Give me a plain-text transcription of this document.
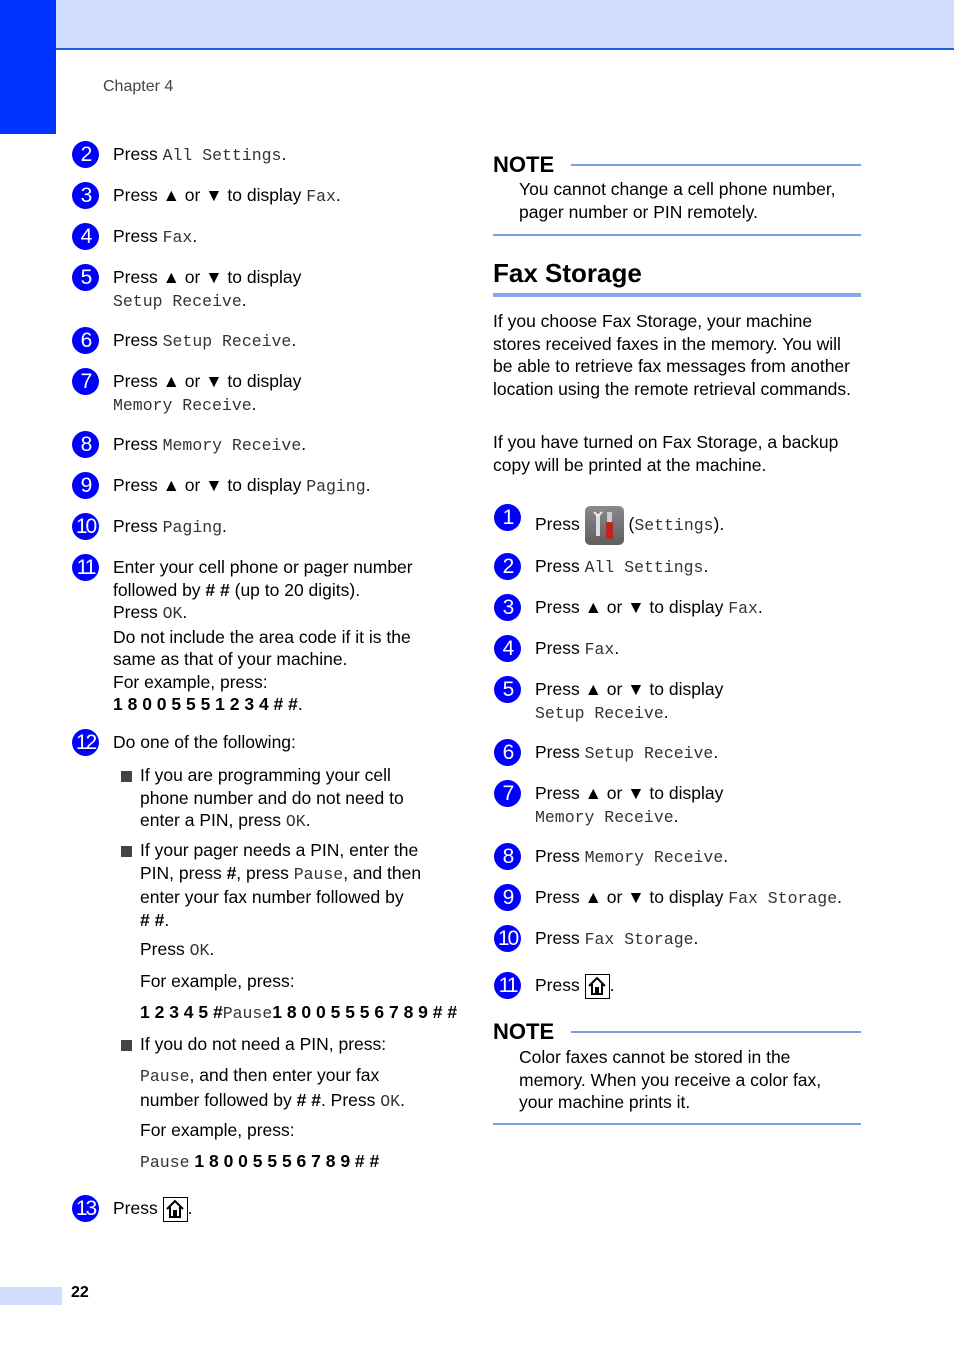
Chapter 4
2	Press All Settings.
3	Press ▲ or ▼ to display Fax.
4	Press Fax.
5	Press ▲ or ▼ to display
Setup Receive.
6	Press Setup Receive.
7	Press ▲ or ▼ to display
Memory Receive.
8	Press Memory Receive.
9	Press ▲ or ▼ to display Paging.
10 Press Paging.
11 Enter your cell phone or pager number
followed by # # (up to 20 digits).
Press OK.
Do not include the area code if it is the
same as that of your machine.
For example, press:
1 8 0 0 5 5 5 1 2 3 4 # #.
12 Do one of the following:
13 Press
.
If you are programming your cell
phone number and do not need to
enter a PIN, press OK.
If your pager needs a PIN, enter the
PIN, press #, press Pause, and then
enter your fax number followed by
# #.
Press OK.
For example, press:
1 2 3 4 5 #Pause1 8 0 0 5 5 5 6 7 8 9 # #
If you do not need a PIN, press:
Pause, and then enter your fax
number followed by # #. Press OK.
For example, press:
Pause 1 8 0 0 5 5 5 6 7 8 9 # #
1	Press
(Settings).
2	Press All Settings.
3	Press ▲ or ▼ to display Fax.
4	Press Fax.
5	Press ▲ or ▼ to display
Setup Receive.
6	Press Setup Receive.
7	Press ▲ or ▼ to display
Memory Receive.
8	Press Memory Receive.
9	Press ▲ or ▼ to display Fax Storage.
10 Press Fax Storage.
11 Press
.
NOTE
You cannot change a cell phone number, pager number or PIN remotely.
Fax Storage
If you choose Fax Storage, your machine stores received faxes in the memory. You will be able to retrieve fax messages from another location using the remote retrieval commands.
If you have turned on Fax Storage, a backup copy will be printed at the machine.
NOTE
Color faxes cannot be stored in the memory. When you receive a color fax, your machine prints it.
22
